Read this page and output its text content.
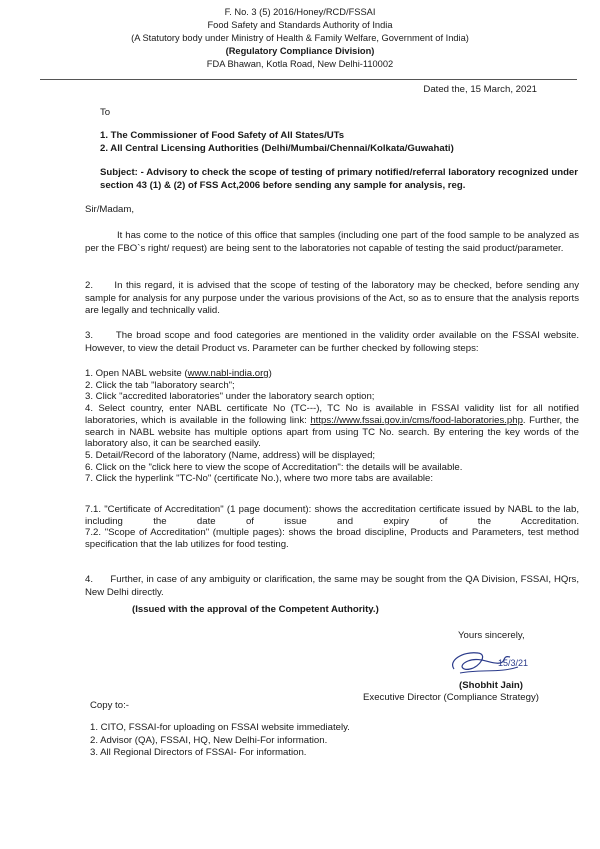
F. No. 3 (5) 2016/Honey/RCD/FSSAI
Food Safety and Standards Authority of India
(A Statutory body under Ministry of Health & Family Welfare, Government of India)
(Regulatory Compliance Division)
FDA Bhawan, Kotla Road, New Delhi-110002
Dated the, 15 March, 2021
To
1. The Commissioner of Food Safety of All States/UTs
2. All Central Licensing Authorities (Delhi/Mumbai/Chennai/Kolkata/Guwahati)
Subject: - Advisory to check the scope of testing of primary notified/referral laboratory recognized under section 43 (1) & (2) of FSS Act,2006 before sending any sample for analysis, reg.
Sir/Madam,

It has come to the notice of this office that samples (including one part of the food sample to be analyzed as per the FBO`s right/ request) are being sent to the laboratories not capable of testing the said product/parameter.

2.      In this regard, it is advised that the scope of testing of the laboratory may be checked, before sending any sample for analysis for any purpose under the various provisions of the Act, so as to ensure that the analysis reports are legally and technically valid.

3.      The broad scope and food categories are mentioned in the validity order available on the FSSAI website. However, to view the detail Product vs. Parameter can be further checked by following steps:

1. Open NABL website (www.nabl-india.org)
2. Click the tab "laboratory search";
3. Click "accredited laboratories" under the laboratory search option;
4. Select country, enter NABL certificate No (TC---), TC No is available in FSSAI validity list for all notified laboratories, which is available in the following link: https://www.fssai.gov.in/cms/food-laboratories.php. Further, the search in NABL website has multiple options apart from using TC No. search. By entering the key words of the laboratory also, it can be searched easily.
5. Detail/Record of the laboratory (Name, address) will be displayed;
6. Click on the "click here to view the scope of Accreditation": the details will be available.
7. Click the hyperlink "TC-No" (certificate No.), where two more tabs are available:
7.1. "Certificate of Accreditation" (1 page document): shows the accreditation certificate issued by NABL to the lab, including the date of issue and expiry of the Accreditation.
7.2. "Scope of Accreditation" (multiple pages): shows the broad discipline, Products and Parameters, test method specification that the lab utilizes for food testing.

4.      Further, in case of any ambiguity or clarification, the same may be sought from the QA Division, FSSAI, HQrs, New Delhi directly.

(Issued with the approval of the Competent Authority.)
Yours sincerely,
15/3/21
(Shobhit Jain)
Executive Director (Compliance Strategy)
Copy to:-
1. CITO, FSSAI-for uploading on FSSAI website immediately.
2. Advisor (QA), FSSAI, HQ, New Delhi-For information.
3. All Regional Directors of FSSAI- For information.
